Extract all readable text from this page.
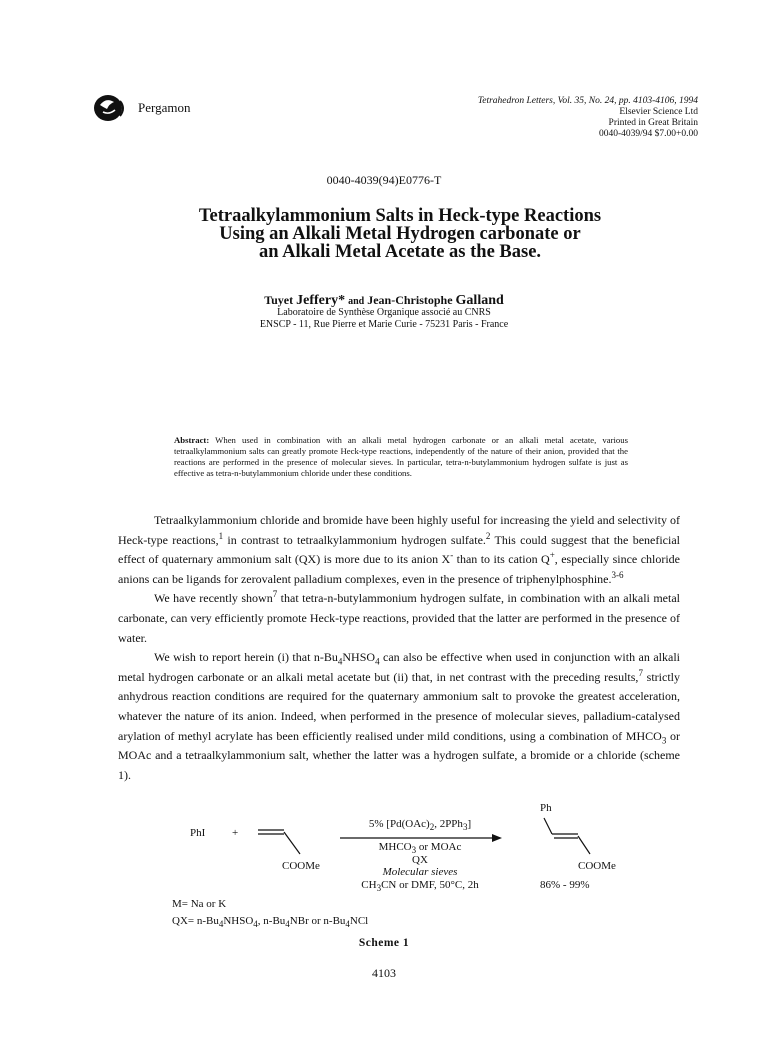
Pergamon	Tetrahedron Letters, Vol. 35, No. 24, pp. 4103-4106, 1994
Elsevier Science Ltd
Printed in Great Britain
0040-4039/94 $7.00+0.00
0040-4039(94)E0776-T
Tetraalkylammonium Salts in Heck-type Reactions
Using an Alkali Metal Hydrogen carbonate or
an Alkali Metal Acetate as the Base.
Tuyet Jeffery* and Jean-Christophe Galland
Laboratoire de Synthèse Organique associé au CNRS
ENSCP - 11, Rue Pierre et Marie Curie - 75231 Paris - France
Abstract: When used in combination with an alkali metal hydrogen carbonate or an alkali metal acetate, various tetraalkylammonium salts can greatly promote Heck-type reactions, independently of the nature of their anion, provided that the reactions are performed in the presence of molecular sieves. In particular, tetra-n-butylammonium hydrogen sulfate is just as effective as tetra-n-butylammonium chloride under these conditions.

Tetraalkylammonium chloride and bromide have been highly useful for increasing the yield and selectivity of Heck-type reactions,$^1$ in contrast to tetraalkylammonium hydrogen sulfate.$^2$ This could suggest that the beneficial effect of quaternary ammonium salt (QX) is more due to its anion X- than to its cation Q+, especially since chloride anions can be ligands for zerovalent palladium complexes, even in the presence of triphenylphosphine.$^{3-6}$

We have recently shown$^7$ that tetra-n-butylammonium hydrogen sulfate, in combination with an alkali metal carbonate, can very efficiently promote Heck-type reactions, provided that the latter are performed in the presence of water.

We wish to report herein (i) that $n-Bu_4NHSO_4$ can also be effective when used in conjunction with an alkali metal hydrogen carbonate or an alkali metal acetate but (ii) that, in net contrast with the preceding results,$^7$ strictly anhydrous reaction conditions are required for the quaternary ammonium salt to provoke the greatest acceleration, whatever the nature of its anion. Indeed, when performed in the presence of molecular sieves, palladium-catalysed arylation of methyl acrylate has been efficiently realised under mild conditions, using a combination of $MHCO_3$ or MOAc and a tetraalkylammonium salt, whether the latter was a hydrogen sulfate, a bromide or a chloride (scheme 1).

PhI +
COOMe
5% [$Pd(OAc)_2$, 2PPh$_3$]
$MHCO_3$ or MOAc
QX
Molecular sieves
$CH_3CN$ or DMF, 50°C, 2h
Ph
COOMe
86% - 99%
M= Na or K
$QX= n-Bu_4NHSO_4$, $n-Bu_4NBr$ or $n-Bu_4NCl$
Scheme 1
4103
